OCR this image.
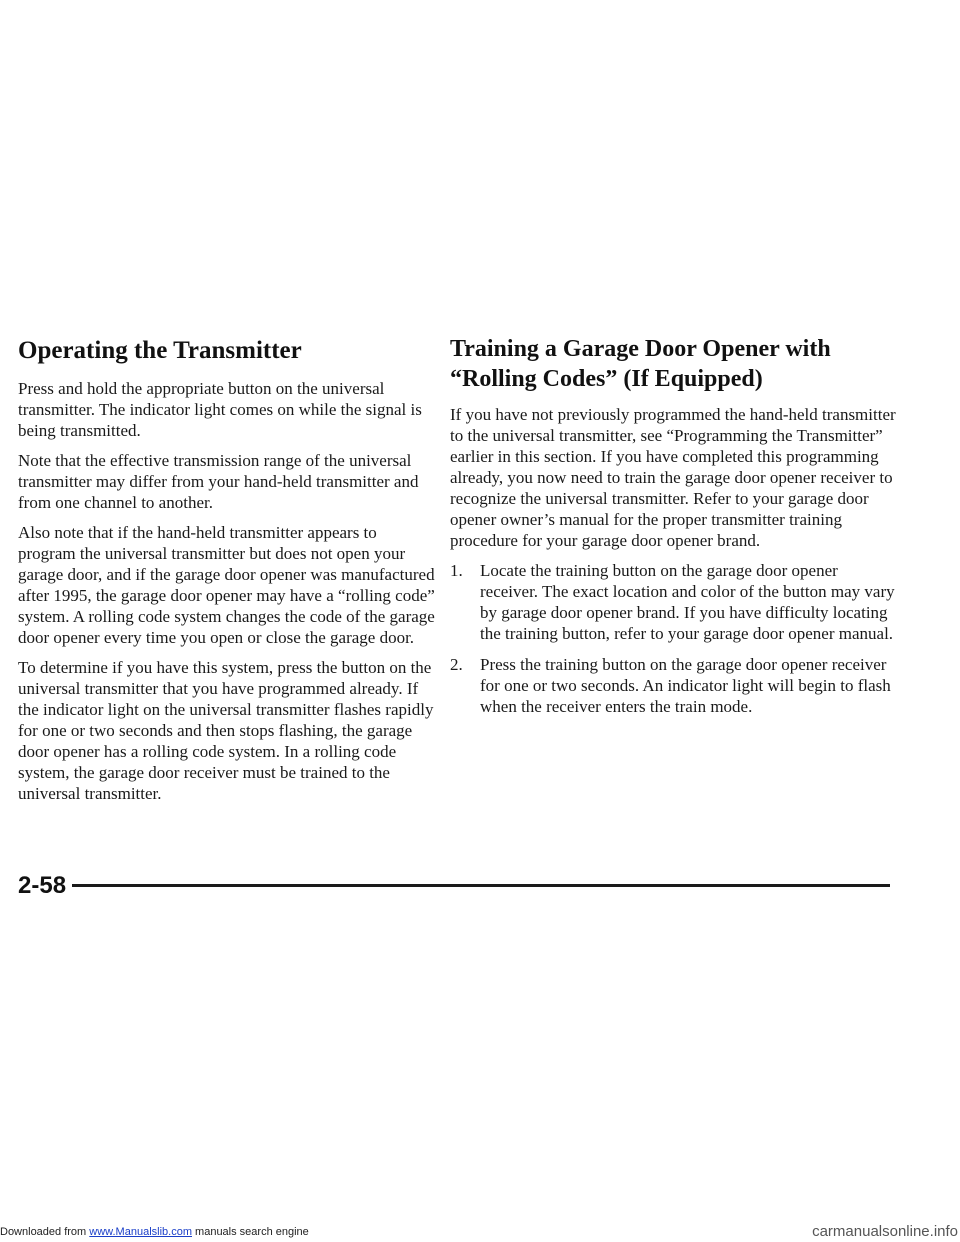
Operating the Transmitter

Press and hold the appropriate button on the universal transmitter. The indicator light comes on while the signal is being transmitted.

Note that the effective transmission range of the universal transmitter may differ from your hand-held transmitter and from one channel to another.

Also note that if the hand-held transmitter appears to program the universal transmitter but does not open your garage door, and if the garage door opener was manufactured after 1995, the garage door opener may have a “rolling code” system. A rolling code system changes the code of the garage door opener every time you open or close the garage door.

To determine if you have this system, press the button on the universal transmitter that you have programmed already. If the indicator light on the universal transmitter flashes rapidly for one or two seconds and then stops flashing, the garage door opener has a rolling code system. In a rolling code system, the garage door receiver must be trained to the universal transmitter.

Training a Garage Door Opener with “Rolling Codes” (If Equipped)

If you have not previously programmed the hand-held transmitter to the universal transmitter, see “Programming the Transmitter” earlier in this section. If you have completed this programming already, you now need to train the garage door opener receiver to recognize the universal transmitter. Refer to your garage door opener owner’s manual for the proper transmitter training procedure for your garage door opener brand.

1. Locate the training button on the garage door opener receiver. The exact location and color of the button may vary by garage door opener brand. If you have difficulty locating the training button, refer to your garage door opener manual.
2. Press the training button on the garage door opener receiver for one or two seconds. An indicator light will begin to flash when the receiver enters the train mode.
2-58
Downloaded from www.Manualslib.com manuals search engine	carmanualsonline.info
